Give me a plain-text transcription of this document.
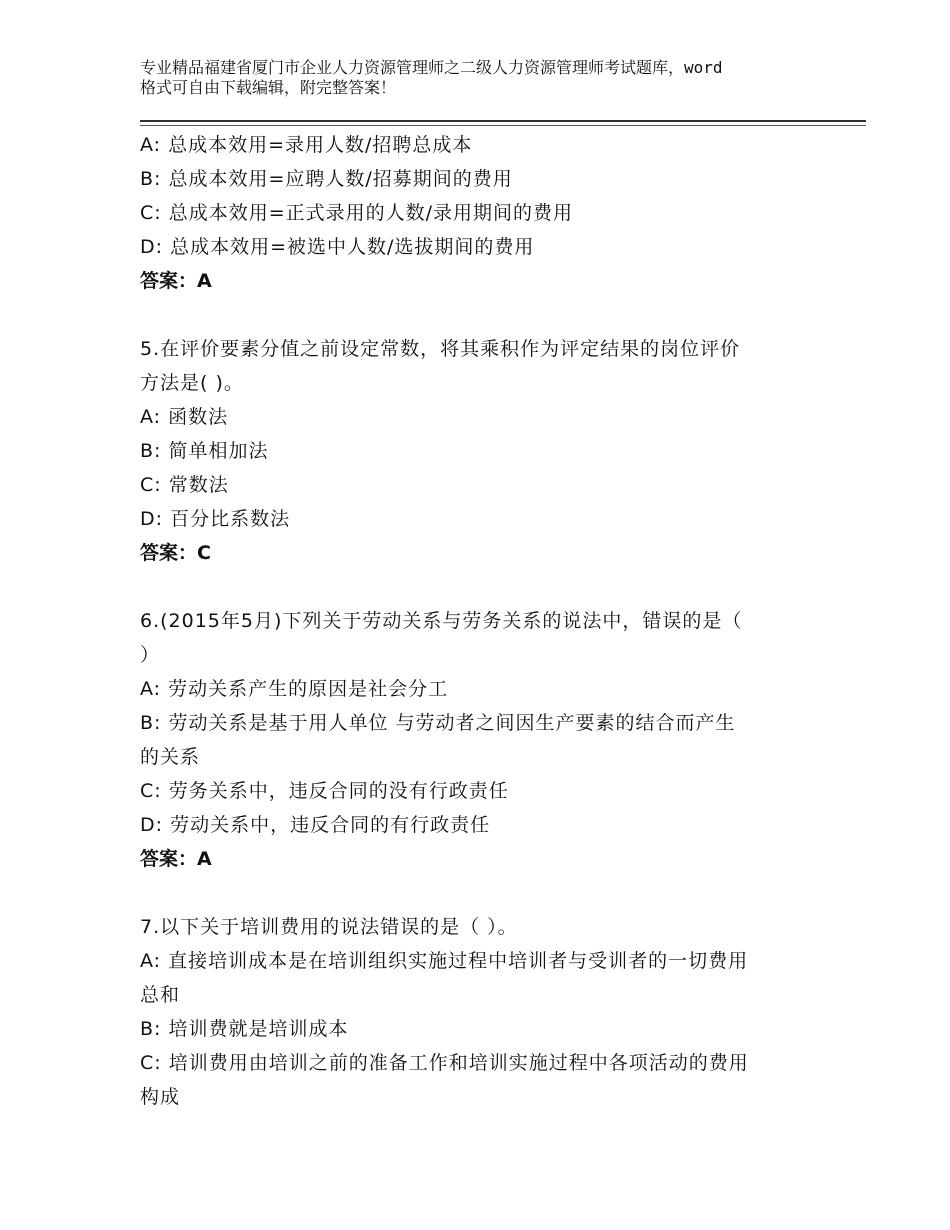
专业精品福建省厦门市企业人力资源管理师之二级人力资源管理师考试题库，word
格式可自由下载编辑，附完整答案！
A: 总成本效用=录用人数/招聘总成本
B: 总成本效用=应聘人数/招募期间的费用
C: 总成本效用=正式录用的人数/录用期间的费用
D: 总成本效用=被选中人数/选拔期间的费用
答案：A
5.在评价要素分值之前设定常数，将其乘积作为评定结果的岗位评价
方法是( )。
A: 函数法
B: 简单相加法
C: 常数法
D: 百分比系数法
答案：C
6.(2015年5月)下列关于劳动关系与劳务关系的说法中，错误的是（
）
A: 劳动关系产生的原因是社会分工
B: 劳动关系是基于用人单位 与劳动者之间因生产要素的结合而产生
的关系
C: 劳务关系中，违反合同的没有行政责任
D: 劳动关系中，违反合同的有行政责任
答案：A
7.以下关于培训费用的说法错误的是（ ）。
A: 直接培训成本是在培训组织实施过程中培训者与受训者的一切费用
总和
B: 培训费就是培训成本
C: 培训费用由培训之前的准备工作和培训实施过程中各项活动的费用
构成
